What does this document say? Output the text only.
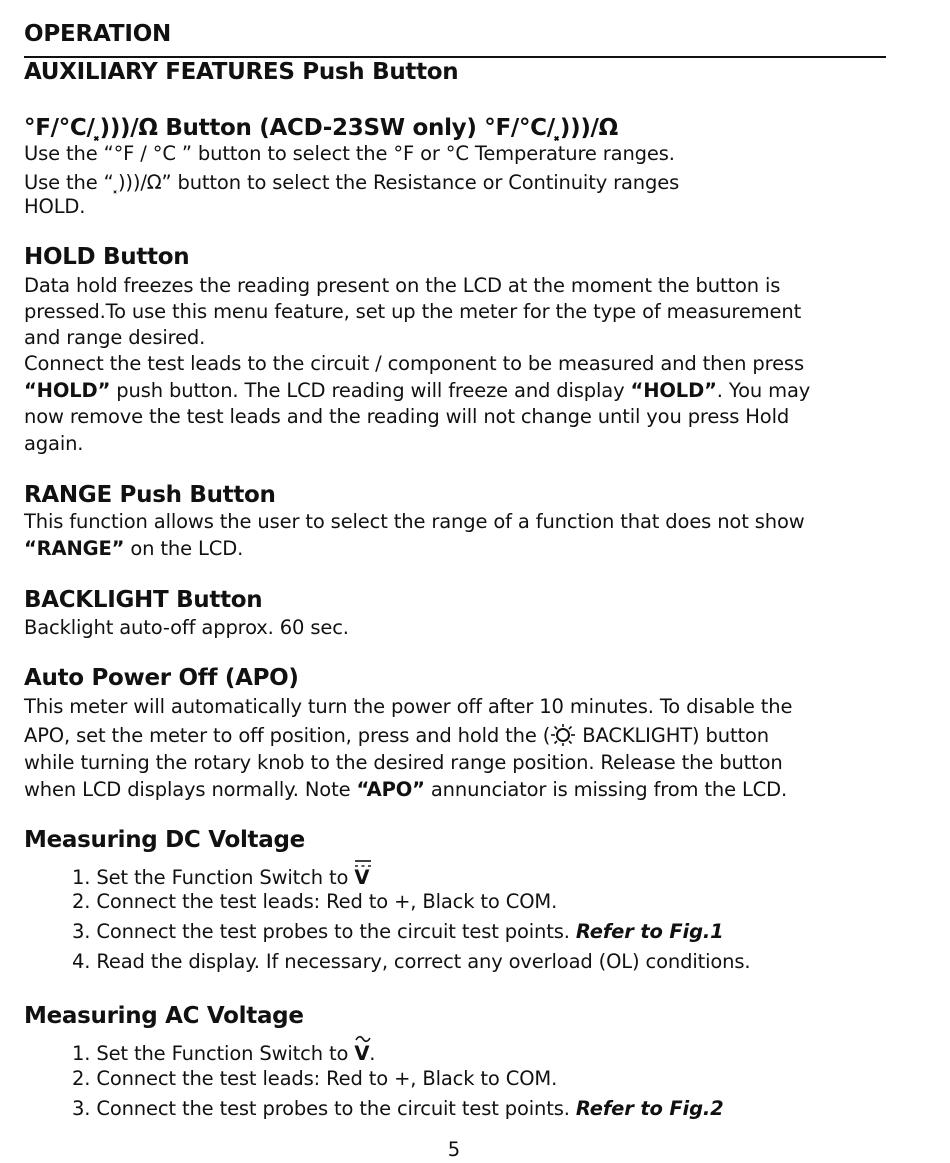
OPERATION
AUXILIARY FEATURES Push Button
°F/°C/⸼)))/Ω Button (ACD-23SW only) °F/°C/⸼)))/Ω
Use the “°F / °C ” button to select the °F or °C Temperature ranges.
Use the “⸼)))/Ω” button to select the Resistance or Continuity ranges
HOLD.
HOLD Button
Data hold freezes the reading present on the LCD at the moment the button is
pressed.To use this menu feature, set up the meter for the type of measurement
and range desired.
Connect the test leads to the circuit / component to be measured and then press
“HOLD” push button. The LCD reading will freeze and display “HOLD”. You may
now remove the test leads and the reading will not change until you press Hold
again.
RANGE Push Button
This function allows the user to select the range of a function that does not show
“RANGE” on the LCD.
BACKLIGHT Button
Backlight auto-off approx. 60 sec.
Auto Power Off (APO)
This meter will automatically turn the power off after 10 minutes. To disable the
APO, set the meter to off position, press and hold the ( BACKLIGHT) button
while turning the rotary knob to the desired range position. Release the button
when LCD displays normally. Note “APO” annunciator is missing from the LCD.
Measuring DC Voltage
1. Set the Function Switch to
V
2. Connect the test leads: Red to +, Black to COM.
3. Connect the test probes to the circuit test points. Refer to Fig.1
4. Read the display. If necessary, correct any overload (OL) conditions.
Measuring AC Voltage
1. Set the Function Switch to
V.
2. Connect the test leads: Red to +, Black to COM.
3. Connect the test probes to the circuit test points. Refer to Fig.2
5
